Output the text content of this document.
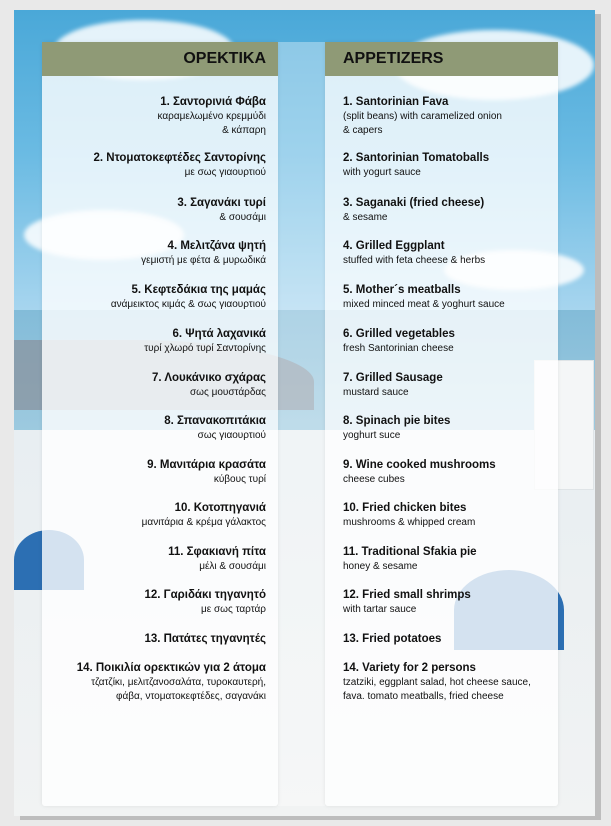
ΟΡΕΚΤΙΚΑ
1. Σαντορινιά Φάβα
καραμελωμένο κρεμμύδι
& κάπαρη
2. Ντοματοκεφτέδες Σαντορίνης
με σως γιαουρτιού
3. Σαγανάκι τυρί
& σουσάμι
4. Μελιτζάνα ψητή
γεμιστή με φέτα & μυρωδικά
5. Κεφτεδάκια της μαμάς
ανάμεικτος κιμάς & σως γιαουρτιού
6. Ψητά λαχανικά
τυρί χλωρό τυρί Σαντορίνης
7. Λουκάνικο σχάρας
σως μουστάρδας
8. Σπανακοπιτάκια
σως γιαουρτιού
9. Μανιτάρια κρασάτα
κύβους τυρί
10. Κοτοπηγανιά
μανιτάρια & κρέμα γάλακτος
11. Σφακιανή πίτα
μέλι & σουσάμι
12. Γαριδάκι τηγανητό
με σως ταρτάρ
13. Πατάτες τηγανητές
14. Ποικιλία ορεκτικών για 2 άτομα
τζατζίκι, μελιτζανοσαλάτα, τυροκαυτερή,
φάβα, ντοματοκεφτέδες, σαγανάκι
APPETIZERS
1. Santorinian Fava
(split beans) with caramelized onion
& capers
2. Santorinian Tomatoballs
with yogurt sauce
3. Saganaki (fried cheese)
& sesame
4. Grilled Eggplant
stuffed with feta cheese & herbs
5. Mother´s meatballs
mixed minced meat & yoghurt sauce
6. Grilled vegetables
fresh Santorinian cheese
7. Grilled Sausage
mustard sauce
8. Spinach pie bites
yoghurt suce
9. Wine cooked mushrooms
cheese cubes
10. Fried chicken bites
mushrooms & whipped cream
11. Traditional Sfakia pie
honey & sesame
12. Fried small shrimps
with tartar sauce
13. Fried potatoes
14. Variety for 2 persons
tzatziki, eggplant salad, hot cheese sauce,
fava. tomato meatballs, fried cheese
